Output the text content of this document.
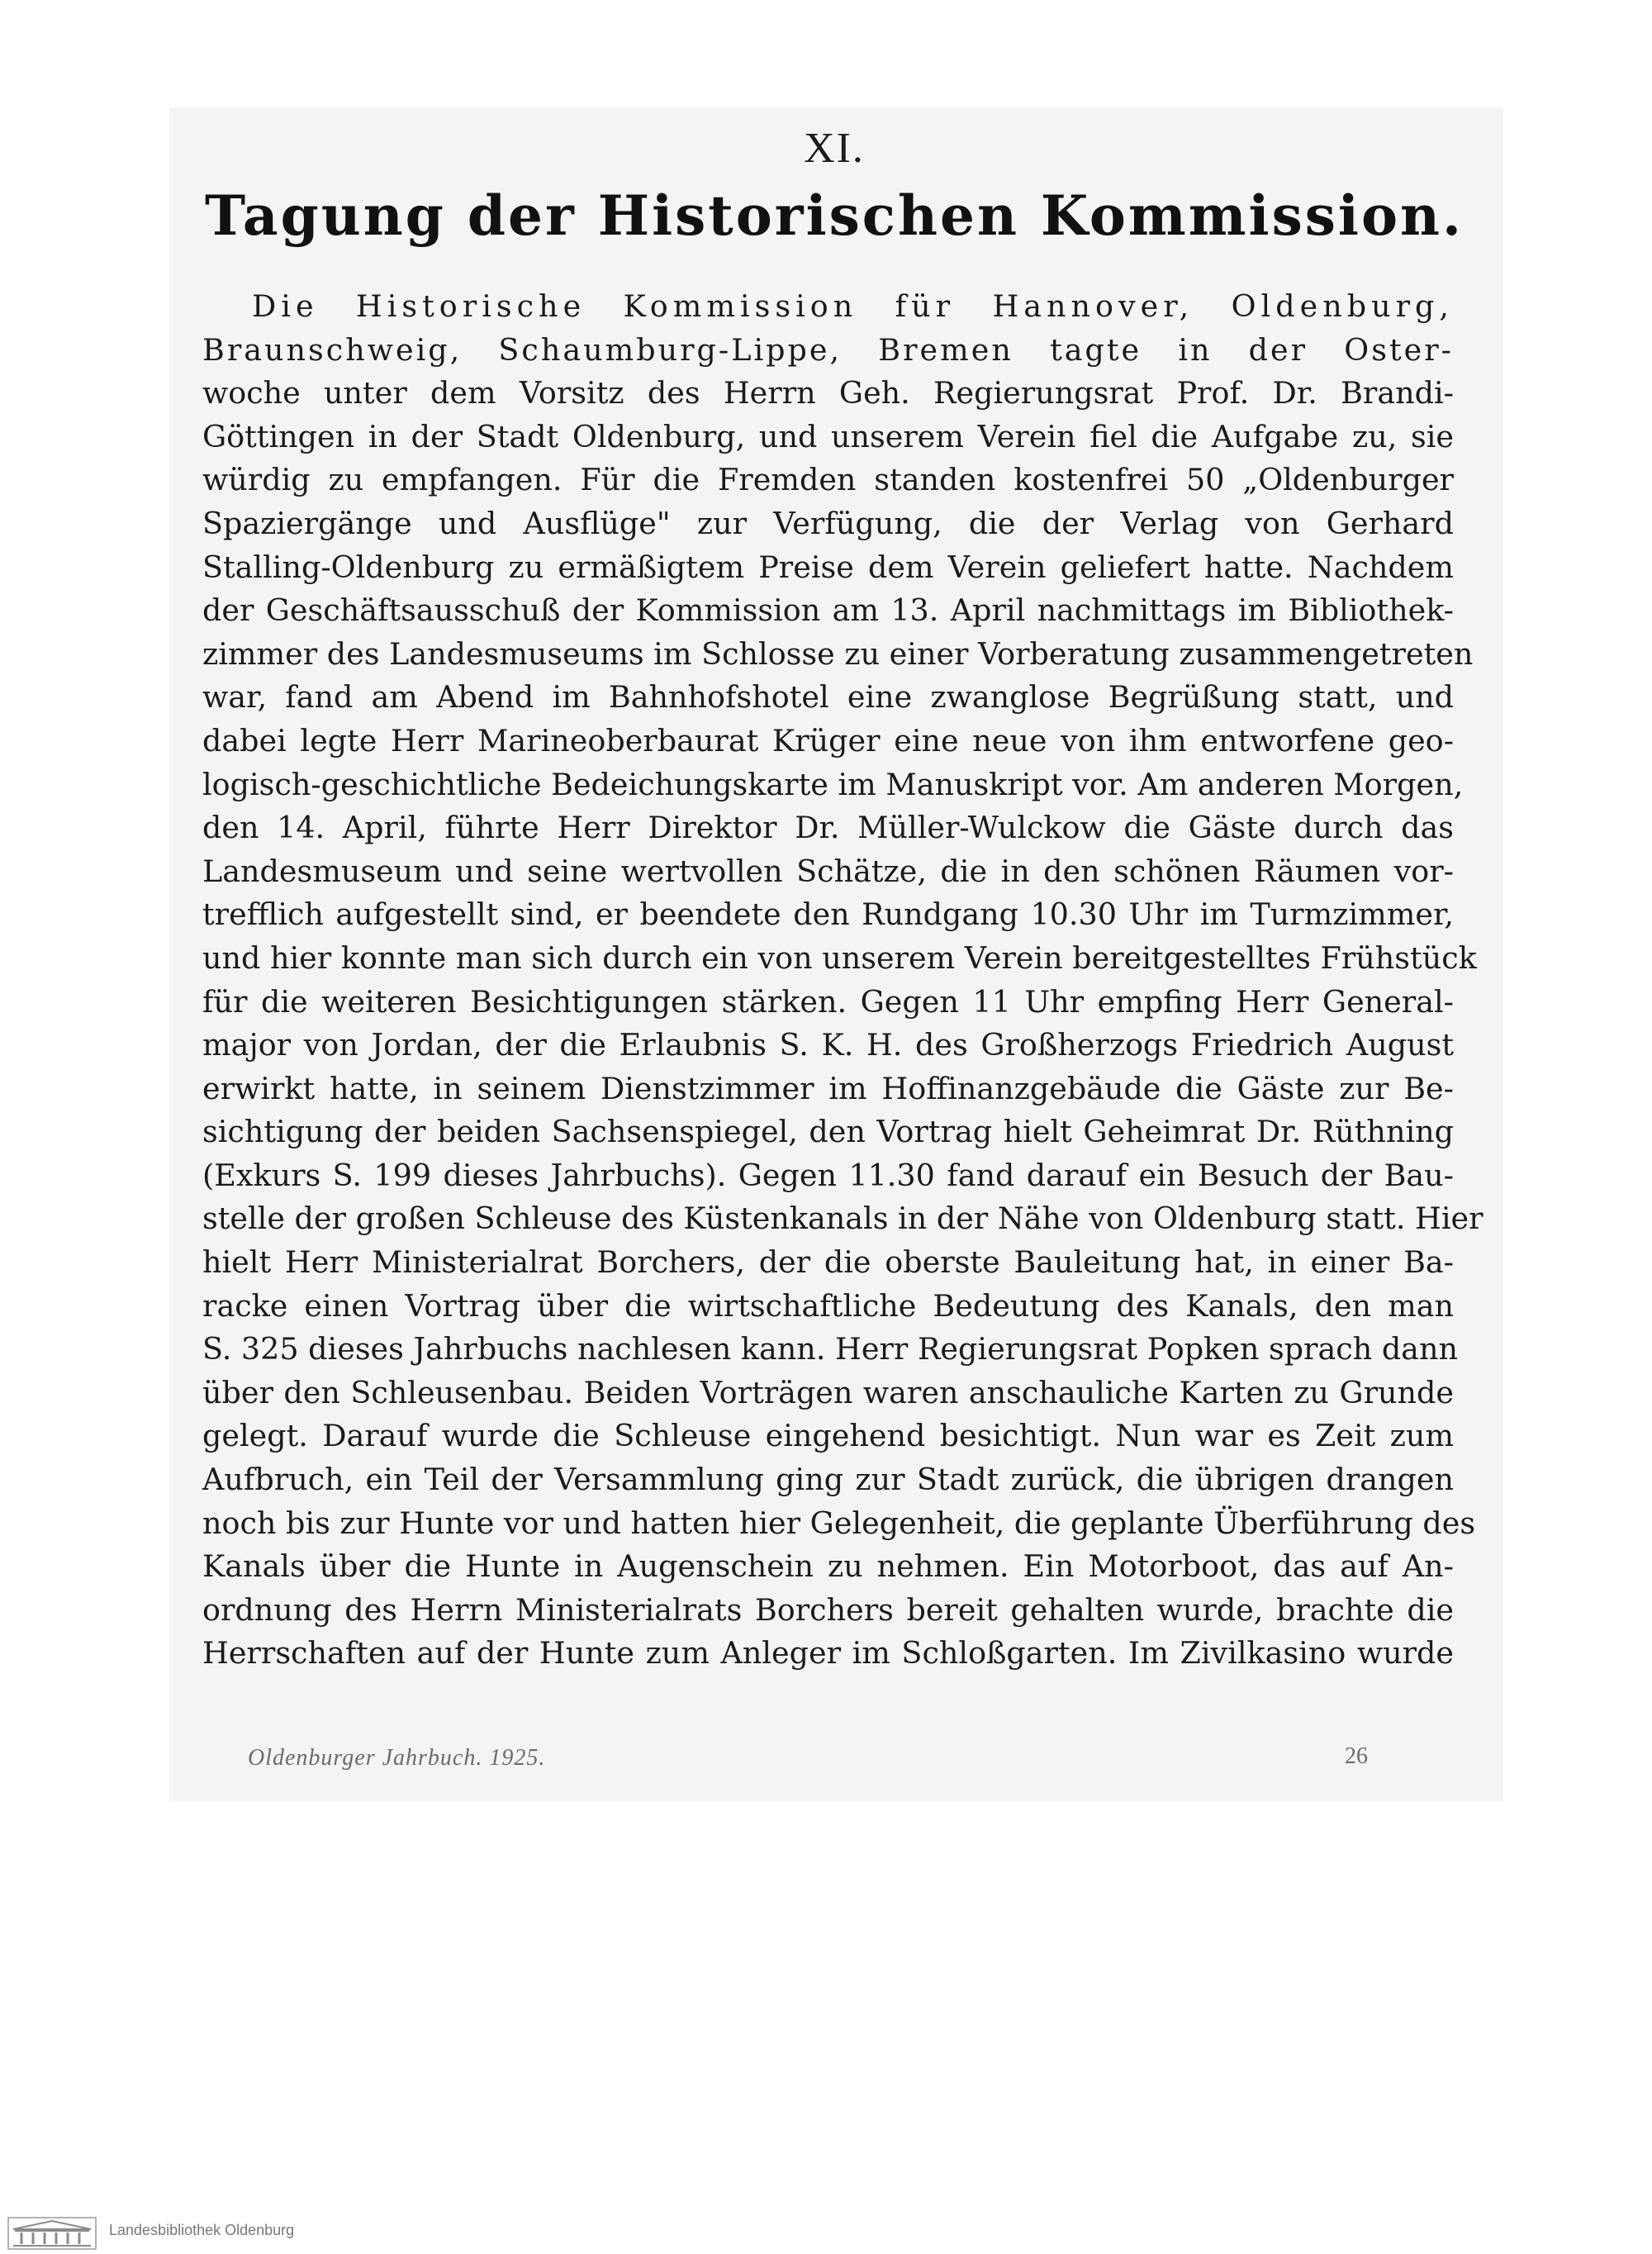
XI.
Tagung der Historischen Kommission.
Die Historische Kommission für Hannover, Oldenburg,
Braunschweig, Schaumburg-Lippe, Bremen tagte in der Oster-
woche unter dem Vorsitz des Herrn Geh. Regierungsrat Prof. Dr. Brandi-
Göttingen in der Stadt Oldenburg, und unserem Verein fiel die Aufgabe zu, sie
würdig zu empfangen. Für die Fremden standen kostenfrei 50 „Oldenburger
Spaziergänge und Ausflüge" zur Verfügung, die der Verlag von Gerhard
Stalling-Oldenburg zu ermäßigtem Preise dem Verein geliefert hatte. Nachdem
der Geschäftsausschuß der Kommission am 13. April nachmittags im Bibliothek-
zimmer des Landesmuseums im Schlosse zu einer Vorberatung zusammengetreten
war, fand am Abend im Bahnhofshotel eine zwanglose Begrüßung statt, und
dabei legte Herr Marineoberbaurat Krüger eine neue von ihm entworfene geo-
logisch-geschichtliche Bedeichungskarte im Manuskript vor. Am anderen Morgen,
den 14. April, führte Herr Direktor Dr. Müller-Wulckow die Gäste durch das
Landesmuseum und seine wertvollen Schätze, die in den schönen Räumen vor-
trefflich aufgestellt sind, er beendete den Rundgang 10.30 Uhr im Turmzimmer,
und hier konnte man sich durch ein von unserem Verein bereitgestelltes Frühstück
für die weiteren Besichtigungen stärken. Gegen 11 Uhr empfing Herr General-
major von Jordan, der die Erlaubnis S. K. H. des Großherzogs Friedrich August
erwirkt hatte, in seinem Dienstzimmer im Hoffinanzgebäude die Gäste zur Be-
sichtigung der beiden Sachsenspiegel, den Vortrag hielt Geheimrat Dr. Rüthning
(Exkurs S. 199 dieses Jahrbuchs). Gegen 11.30 fand darauf ein Besuch der Bau-
stelle der großen Schleuse des Küstenkanals in der Nähe von Oldenburg statt. Hier
hielt Herr Ministerialrat Borchers, der die oberste Bauleitung hat, in einer Ba-
racke einen Vortrag über die wirtschaftliche Bedeutung des Kanals, den man
S. 325 dieses Jahrbuchs nachlesen kann. Herr Regierungsrat Popken sprach dann
über den Schleusenbau. Beiden Vorträgen waren anschauliche Karten zu Grunde
gelegt. Darauf wurde die Schleuse eingehend besichtigt. Nun war es Zeit zum
Aufbruch, ein Teil der Versammlung ging zur Stadt zurück, die übrigen drangen
noch bis zur Hunte vor und hatten hier Gelegenheit, die geplante Überführung des
Kanals über die Hunte in Augenschein zu nehmen. Ein Motorboot, das auf An-
ordnung des Herrn Ministerialrats Borchers bereit gehalten wurde, brachte die
Herrschaften auf der Hunte zum Anleger im Schloßgarten. Im Zivilkasino wurde
Oldenburger Jahrbuch. 1925.	26
Landesbibliothek Oldenburg
